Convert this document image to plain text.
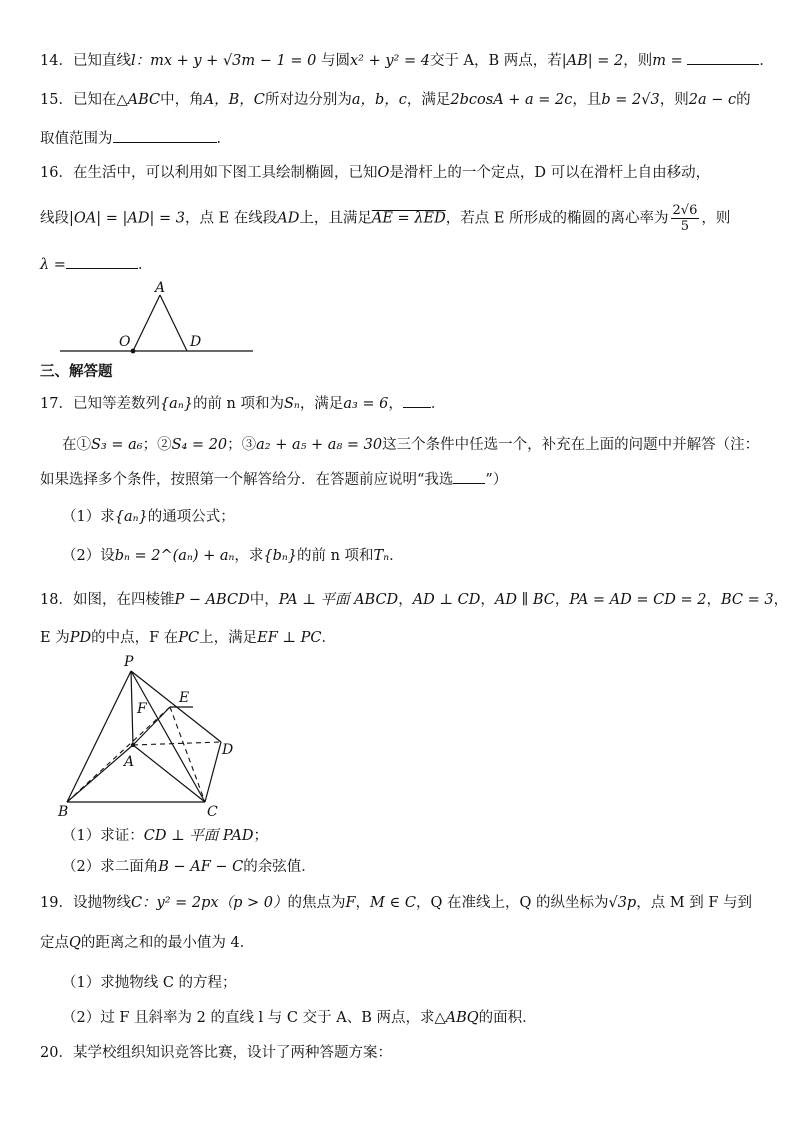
14．已知直线l：mx + y + √3m − 1 = 0 与圆x² + y² = 4交于 A，B 两点，若|AB| = 2，则m =	．
15．已知在△ABC中，角A，B，C所对边分别为a，b，c，满足2bcosA + a = 2c，且b = 2√3，则2a − c的
取值范围为	．
16．在生活中，可以利用如下图工具绘制椭圆，已知O是滑杆上的一个定点，D 可以在滑杆上自由移动，
线段|OA| = |AD| = 3，点 E 在线段AD上，且满足AE = λED，若点 E 所形成的椭圆的离心率为 $\frac{2√6}{5}$ ，则
λ =	．
A
O	D
三、解答题
17．已知等差数列{aₙ}的前 n 项和为Sₙ，满足a₃ = 6， ．
在①S₃ = a₆；②S₄ = 20；③a₂ + a₅ + a₈ = 30这三个条件中任选一个，补充在上面的问题中并解答（注：
如果选择多个条件，按照第一个解答给分．在答题前应说明“我选 ”）
（1）求{aₙ}的通项公式；
（2）设bₙ = 2^(aₙ) + aₙ，求{bₙ}的前 n 项和Tₙ．
18．如图，在四棱锥P − ABCD中，PA ⊥ 平面 ABCD，AD ⊥ CD，AD ∥ BC，PA = AD = CD = 2，BC = 3，
E 为PD的中点，F 在PC上，满足EF ⊥ PC．
P
E
F
A
D
B	C
（1）求证：CD ⊥ 平面 PAD；
（2）求二面角B − AF − C的余弦值．
19．设抛物线C：y² = 2px（p > 0）的焦点为F，M ∈ C，Q 在准线上，Q 的纵坐标为√3p，点 M 到 F 与到
定点Q的距离之和的最小值为 4．
（1）求抛物线 C 的方程；
（2）过 F 且斜率为 2 的直线 l 与 C 交于 A、B 两点，求△ABQ的面积．
20．某学校组织知识竞答比赛，设计了两种答题方案：
